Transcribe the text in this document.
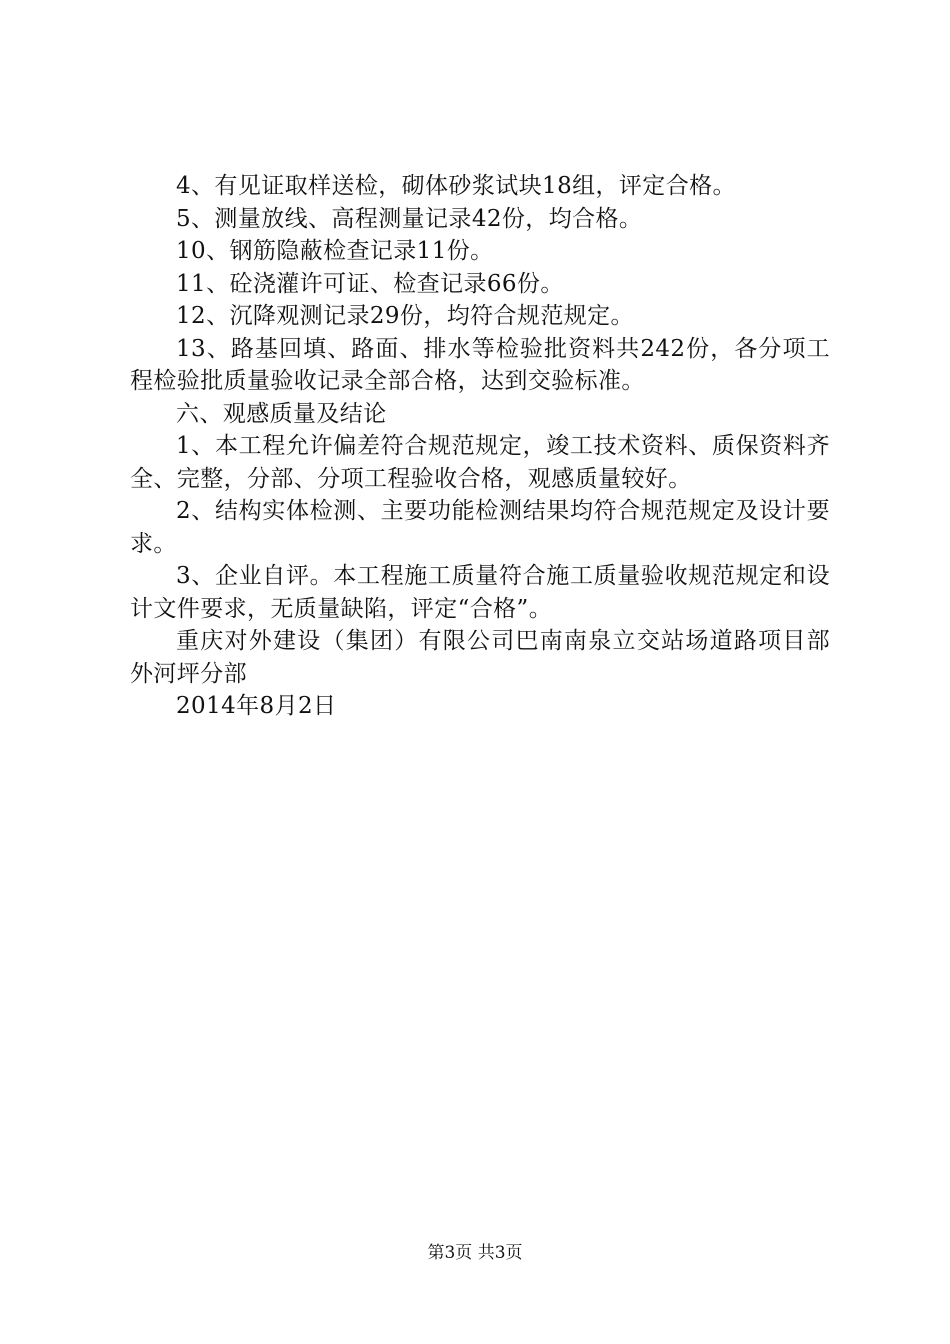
4、有见证取样送检，砌体砂浆试块18组，评定合格。

5、测量放线、高程测量记录42份，均合格。

10、钢筋隐蔽检查记录11份。

11、砼浇灌许可证、检查记录66份。

12、沉降观测记录29份，均符合规范规定。

13、路基回填、路面、排水等检验批资料共242份，各分项工程检验批质量验收记录全部合格，达到交验标准。

六、观感质量及结论

1、本工程允许偏差符合规范规定，竣工技术资料、质保资料齐全、完整，分部、分项工程验收合格，观感质量较好。

2、结构实体检测、主要功能检测结果均符合规范规定及设计要求。

3、企业自评。本工程施工质量符合施工质量验收规范规定和设计文件要求，无质量缺陷，评定“合格”。

重庆对外建设（集团）有限公司巴南南泉立交站场道路项目部外河坪分部

2014年8月2日

第3页 共3页
